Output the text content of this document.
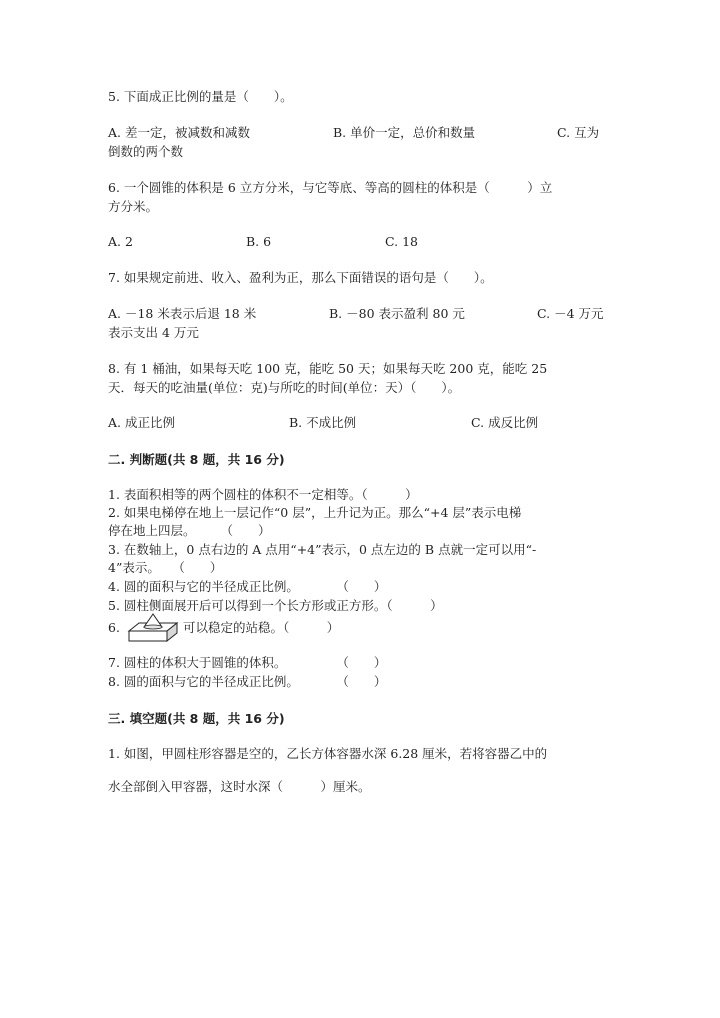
5. 下面成正比例的量是（　　）。
A. 差一定，被减数和减数	B. 单价一定，总价和数量	C. 互为
倒数的两个数
6. 一个圆锥的体积是 6 立方分米，与它等底、等高的圆柱的体积是（　　　）立
方分米。
A. 2	B. 6	C. 18
7. 如果规定前进、收入、盈利为正，那么下面错误的语句是（　　）。
A. －18 米表示后退 18 米	B. －80 表示盈利 80 元	C. －4 万元
表示支出 4 万元
8. 有 1 桶油，如果每天吃 100 克，能吃 50 天；如果每天吃 200 克，能吃 25
天．每天的吃油量(单位：克)与所吃的时间(单位：天）（　　）。
A. 成正比例	B. 不成比例	C. 成反比例
二. 判断题(共 8 题，共 16 分)
1. 表面积相等的两个圆柱的体积不一定相等。（　　　）
2. 如果电梯停在地上一层记作“0 层”，上升记为正。那么“+4 层”表示电梯
停在地上四层。　　　（　　）
3. 在数轴上，0 点右边的 A 点用“+4”表示，0 点左边的 B 点就一定可以用“-
4”表示。　　（　　）
4. 圆的面积与它的半径成正比例。　　　　（　　）
5. 圆柱侧面展开后可以得到一个长方形或正方形。（　　　）
6.	可以稳定的站稳。（　　　）
7. 圆柱的体积大于圆锥的体积。　　　　　（　　）
8. 圆的面积与它的半径成正比例。　　　　（　　）
三. 填空题(共 8 题，共 16 分)
1. 如图，甲圆柱形容器是空的，乙长方体容器水深 6.28 厘米，若将容器乙中的
水全部倒入甲容器，这时水深（　　　）厘米。
